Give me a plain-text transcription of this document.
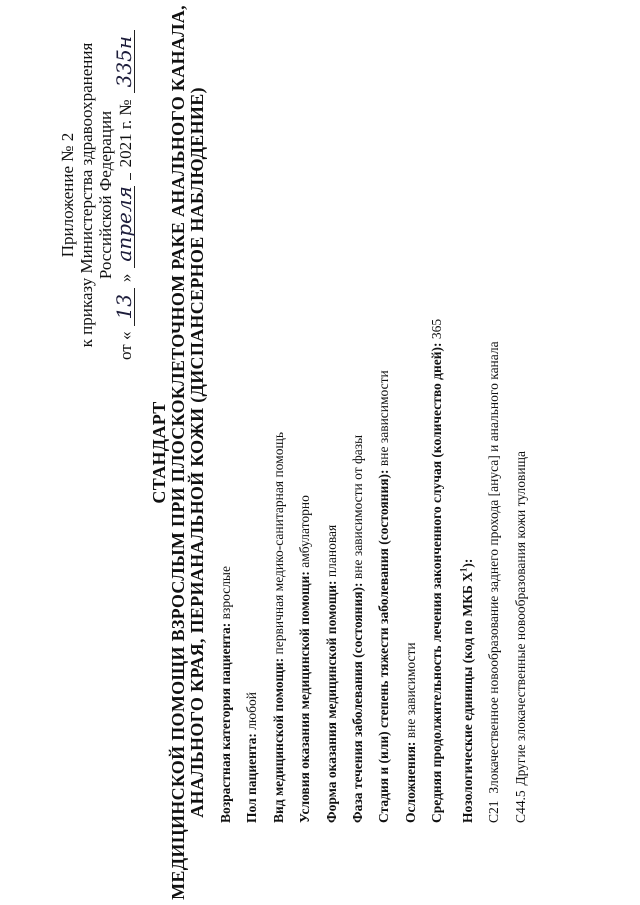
Приложение № 2 к приказу Министерства здравоохранения Российской Федерации
от «
13
»
апреля
2021 г. №
335н
СТАНДАРТ МЕДИЦИНСКОЙ ПОМОЩИ ВЗРОСЛЫМ ПРИ ПЛОСКОКЛЕТОЧНОМ РАКЕ АНАЛЬНОГО КАНАЛА, АНАЛЬНОГО КРАЯ, ПЕРИАНАЛЬНОЙ КОЖИ (ДИСПАНСЕРНОЕ НАБЛЮДЕНИЕ) Возрастная категория пациента: взрослые
Пол пациента: любой Вид медицинской помощи: первичная медико-санитарная помощь
Условия оказания медицинской помощи: амбулаторно
Форма оказания медицинской помощи: плановая
Фаза течения заболевания (состояния): вне зависимости от фазы Стадия и (или) степень тяжести заболевания (состояния): вне зависимости
Осложнения: вне зависимости Средняя продолжительность лечения законченного случая (количество дней): 365
Нозологические единицы (код по МКБ $X^1$):
C21 Злокачественное новообразование заднего прохода [ануса] и анального канала
C44.5 Другие злокачественные новообразования кожи туловища
